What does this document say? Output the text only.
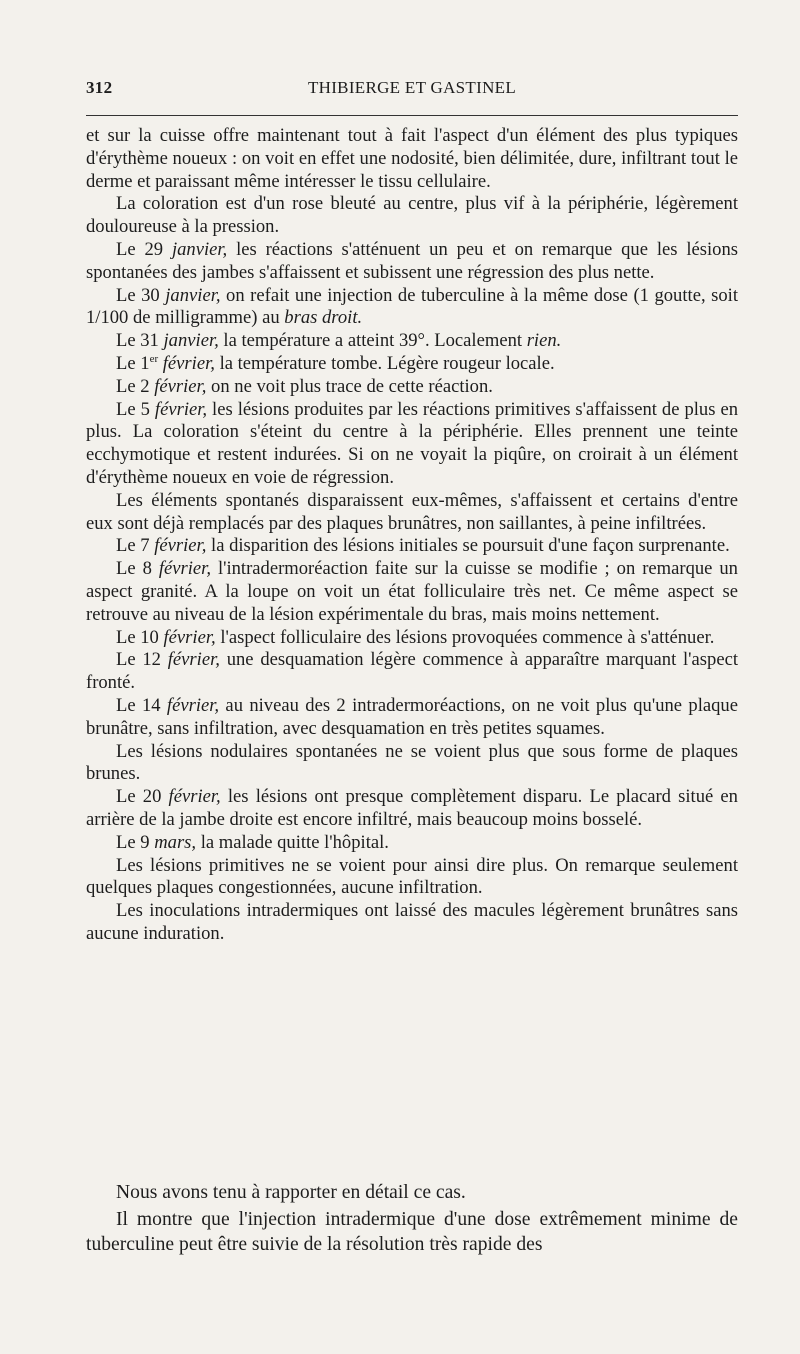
312	THIBIERGE ET GASTINEL

et sur la cuisse offre maintenant tout à fait l'aspect d'un élément des plus typiques d'érythème noueux : on voit en effet une nodosité, bien délimitée, dure, infiltrant tout le derme et paraissant même intéresser le tissu cellulaire.

La coloration est d'un rose bleuté au centre, plus vif à la périphérie, légèrement douloureuse à la pression.

Le 29 janvier, les réactions s'atténuent un peu et on remarque que les lésions spontanées des jambes s'affaissent et subissent une régression des plus nette.

Le 30 janvier, on refait une injection de tuberculine à la même dose (1 goutte, soit 1/100 de milligramme) au bras droit.

Le 31 janvier, la température a atteint 39°. Localement rien.

Le 1er février, la température tombe. Légère rougeur locale.

Le 2 février, on ne voit plus trace de cette réaction.

Le 5 février, les lésions produites par les réactions primitives s'affaissent de plus en plus. La coloration s'éteint du centre à la périphérie. Elles prennent une teinte ecchymotique et restent indurées. Si on ne voyait la piqûre, on croirait à un élément d'érythème noueux en voie de régression.

Les éléments spontanés disparaissent eux-mêmes, s'affaissent et certains d'entre eux sont déjà remplacés par des plaques brunâtres, non saillantes, à peine infiltrées.

Le 7 février, la disparition des lésions initiales se poursuit d'une façon surprenante.

Le 8 février, l'intradermoréaction faite sur la cuisse se modifie ; on remarque un aspect granité. A la loupe on voit un état folliculaire très net. Ce même aspect se retrouve au niveau de la lésion expérimentale du bras, mais moins nettement.

Le 10 février, l'aspect folliculaire des lésions provoquées commence à s'atténuer.

Le 12 février, une desquamation légère commence à apparaître marquant l'aspect fronté.

Le 14 février, au niveau des 2 intradermoréactions, on ne voit plus qu'une plaque brunâtre, sans infiltration, avec desquamation en très petites squames.

Les lésions nodulaires spontanées ne se voient plus que sous forme de plaques brunes.

Le 20 février, les lésions ont presque complètement disparu. Le placard situé en arrière de la jambe droite est encore infiltré, mais beaucoup moins bosselé.

Le 9 mars, la malade quitte l'hôpital.

Les lésions primitives ne se voient pour ainsi dire plus. On remarque seulement quelques plaques congestionnées, aucune infiltration.

Les inoculations intradermiques ont laissé des macules légèrement brunâtres sans aucune induration.

Nous avons tenu à rapporter en détail ce cas.

Il montre que l'injection intradermique d'une dose extrêmement minime de tuberculine peut être suivie de la résolution très rapide des
